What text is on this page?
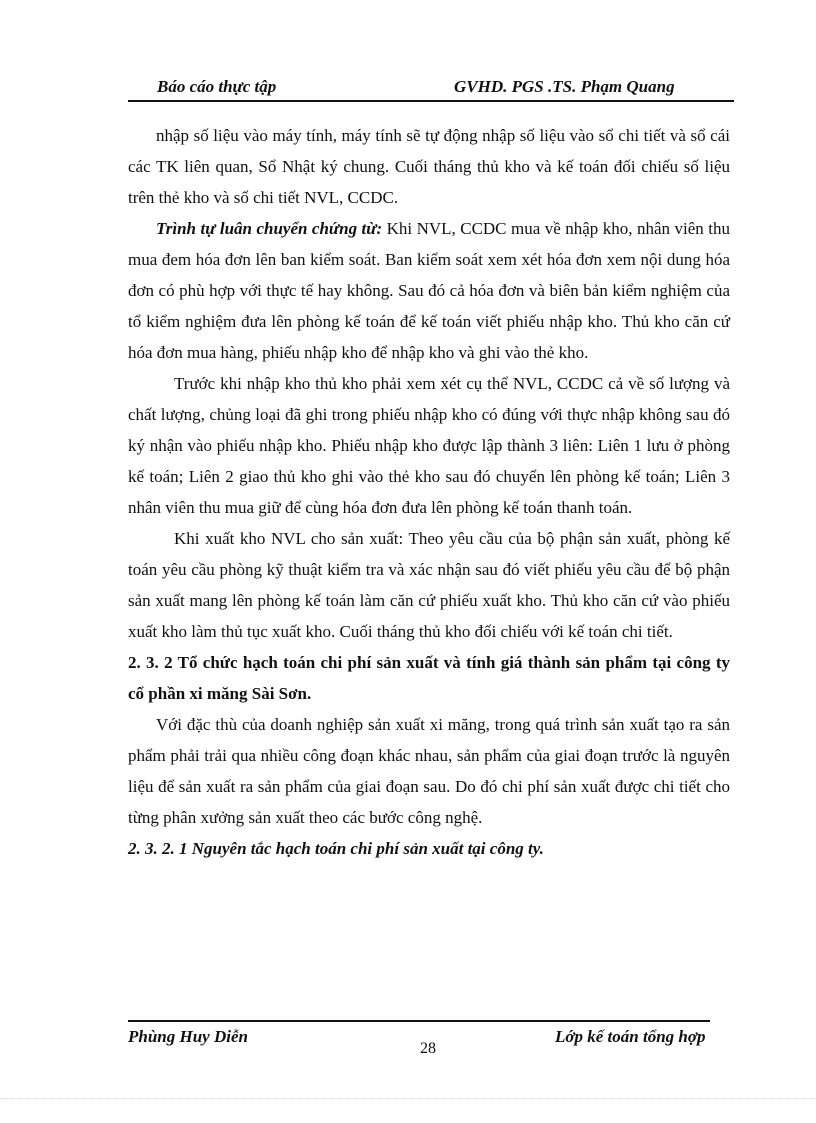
Báo cáo thực tập	GVHD. PGS .TS. Phạm Quang

nhập số liệu vào máy tính, máy tính sẽ tự động nhập số liệu vào sổ chi tiết và sổ cái các TK liên quan, Sổ Nhật ký chung. Cuối tháng thủ kho và kế toán đối chiếu số liệu trên thẻ kho và sổ chi tiết NVL, CCDC.

Trình tự luân chuyển chứng từ: Khi NVL, CCDC mua về nhập kho, nhân viên thu mua đem hóa đơn lên ban kiểm soát. Ban kiểm soát xem xét hóa đơn xem nội dung hóa đơn có phù hợp với thực tế hay không. Sau đó cả hóa đơn và biên bản kiểm nghiệm của tổ kiểm nghiệm đưa lên phòng kế toán để kế toán viết phiếu nhập kho. Thủ kho căn cứ hóa đơn mua hàng, phiếu nhập kho để nhập kho và ghi vào thẻ kho.

Trước khi nhập kho thủ kho phải xem xét cụ thể NVL, CCDC cả về số lượng và chất lượng, chủng loại đã ghi trong phiếu nhập kho có đúng với thực nhập không sau đó ký nhận vào phiếu nhập kho. Phiếu nhập kho được lập thành 3 liên: Liên 1 lưu ở phòng kế toán; Liên 2 giao thủ kho ghi vào thẻ kho sau đó chuyển lên phòng kế toán; Liên 3 nhân viên thu mua giữ để cùng hóa đơn đưa lên phòng kế toán thanh toán.

Khi xuất kho NVL cho sản xuất: Theo yêu cầu của bộ phận sản xuất, phòng kế toán yêu cầu phòng kỹ thuật kiểm tra và xác nhận sau đó viết phiếu yêu cầu để bộ phận sản xuất mang lên phòng kế toán làm căn cứ phiếu xuất kho. Thủ kho căn cứ vào phiếu xuất kho làm thủ tục xuất kho. Cuối tháng thủ kho đối chiếu với kế toán chi tiết.

2. 3. 2 Tổ chức hạch toán chi phí sản xuất và tính giá thành sản phẩm tại công ty cổ phần xi măng Sài Sơn.

Với đặc thù của doanh nghiệp sản xuất xi măng, trong quá trình sản xuất tạo ra sản phẩm phải trải qua nhiều công đoạn khác nhau, sản phẩm của giai đoạn trước là nguyên liệu để sản xuất ra sản phẩm của giai đoạn sau. Do đó chi phí sản xuất được chi tiết cho từng phân xưởng sản xuất theo các bước công nghệ.

2. 3. 2. 1 Nguyên tắc hạch toán chi phí sản xuất tại công ty.

Phùng Huy Diễn
28
Lớp kế toán tổng hợp
